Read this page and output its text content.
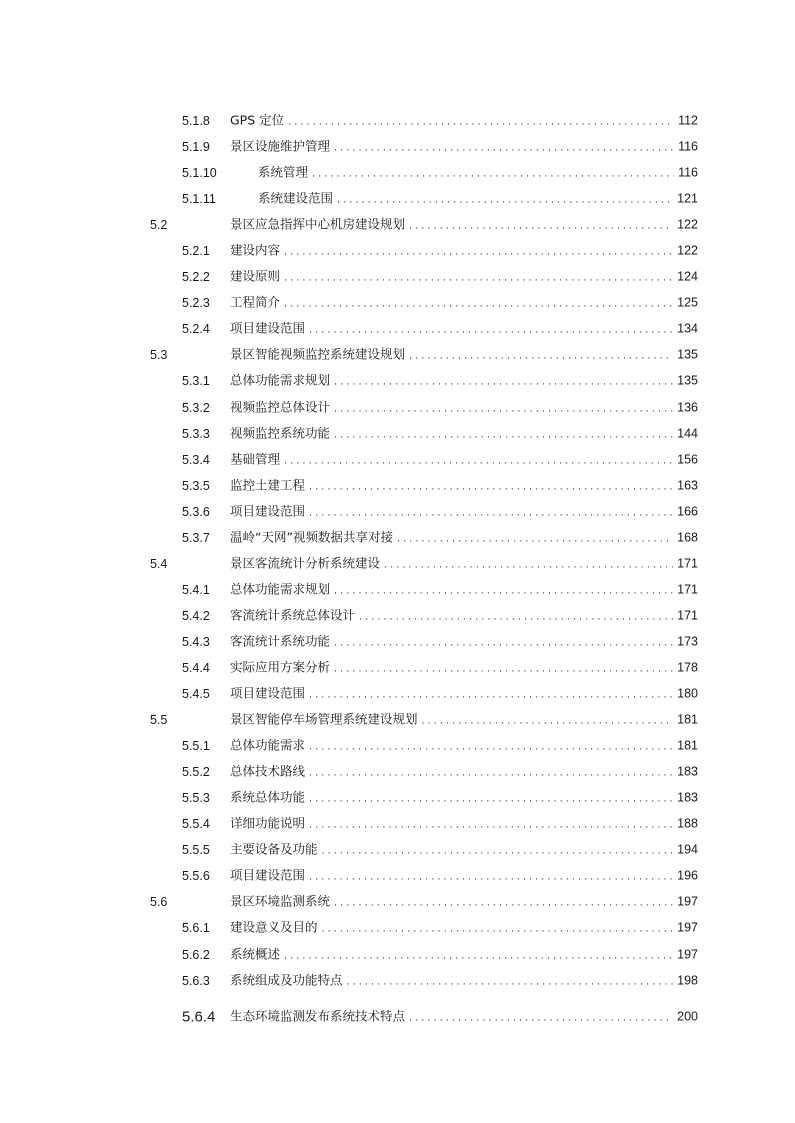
5.1.8 GPS 定位 . . .	112
5.1.9 景区设施维护管理 . . .	116
5.1.10	系统管理 . . .	116
5.1.11	系统建设范围 . . .	121
5.2	景区应急指挥中心机房建设规划 . . .	122
5.2.1 建设内容 . . .	122
5.2.2 建设原则 . . .	124
5.2.3 工程简介 . . .	125
5.2.4 项目建设范围 . . .	134
5.3	景区智能视频监控系统建设规划 . . .	135
5.3.1 总体功能需求规划 . . .	135
5.3.2 视频监控总体设计 . . .	136
5.3.3 视频监控系统功能 . . .	144
5.3.4 基础管理 . . .	156
5.3.5 监控土建工程 . . .	163
5.3.6 项目建设范围 . . .	166
5.3.7 温岭“天网”视频数据共享对接 . . .	168
5.4	景区客流统计分析系统建设 . . .	171
5.4.1 总体功能需求规划 . . .	171
5.4.2 客流统计系统总体设计 . . .	171
5.4.3 客流统计系统功能 . . .	173
5.4.4 实际应用方案分析 . . .	178
5.4.5 项目建设范围 . . .	180
5.5	景区智能停车场管理系统建设规划 . . .	181
5.5.1 总体功能需求 . . .	181
5.5.2 总体技术路线 . . .	183
5.5.3 系统总体功能 . . .	183
5.5.4 详细功能说明 . . .	188
5.5.5 主要设备及功能 . . .	194
5.5.6 项目建设范围 . . .	196
5.6	景区环境监测系统 . . .	197
5.6.1 建设意义及目的 . . .	197
5.6.2 系统概述 . . .	197
5.6.3 系统组成及功能特点 . . .	198
5.6.4 生态环境监测发布系统技术特点 . . .	200
